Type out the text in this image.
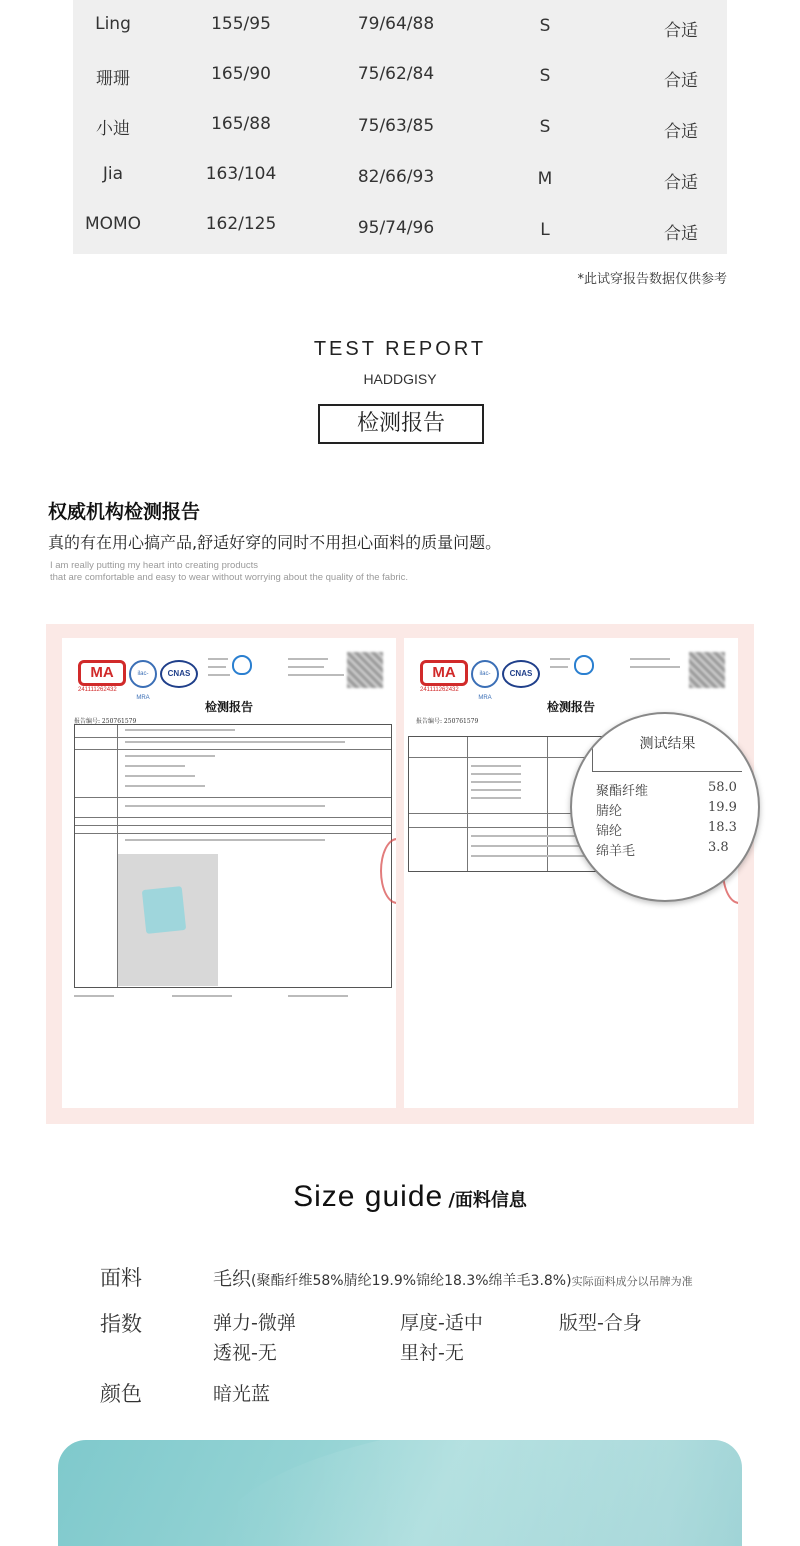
Ling	155/95	79/64/88	S	合适
珊珊	165/90	75/62/84	S	合适
小迪	165/88	75/63/85	S	合适
Jia	163/104	82/66/93	M	合适
MOMO	162/125	95/74/96	L	合适
*此试穿报告数据仅供参考
TEST REPORT
HADDGISY
检测报告
权威机构检测报告
真的有在用心搞产品,舒适好穿的同时不用担心面料的质量问题。
I am really putting my heart into creating products
that are comfortable and easy to wear without worrying about the quality of the fabric.
MA
241111262432
ilac-MRA
CNAS
检测报告
报告编号: 250761579
MA
241111262432
ilac-MRA
CNAS
检测报告
报告编号: 250761579
测试结果
聚酯纤维	58.0
腈纶	19.9
锦纶	18.3
绵羊毛	3.8
Size guide /面料信息
面料	毛织(聚酯纤维58%腈纶19.9%锦纶18.3%绵羊毛3.8%)实际面料成分以吊牌为准
指数	弹力-微弹	厚度-适中	版型-合身
透视-无	里衬-无
颜色	暗光蓝
